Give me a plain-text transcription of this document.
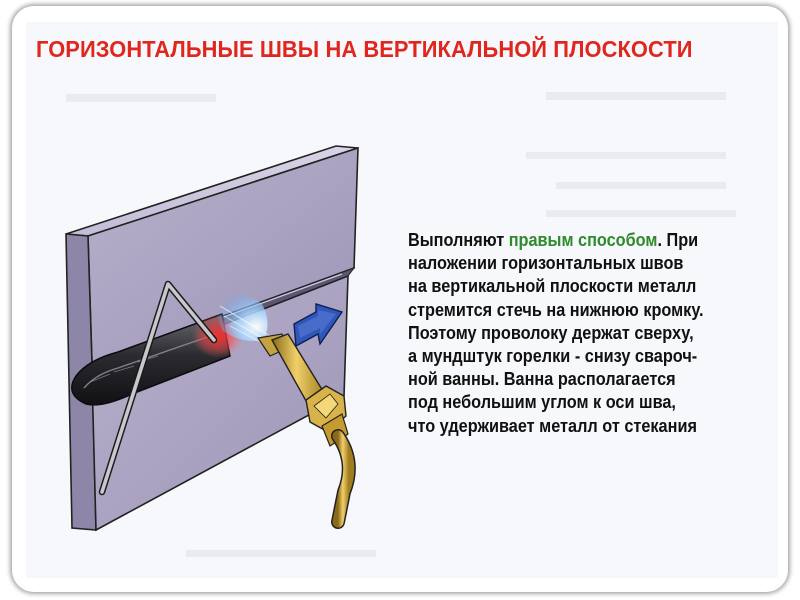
ГОРИЗОНТАЛЬНЫЕ ШВЫ НА ВЕРТИКАЛЬНОЙ ПЛОСКОСТИ
Выполняют правым способом. При
наложении горизонтальных швов
на вертикальной плоскости металл
стремится стечь на нижнюю кромку.
Поэтому проволоку держат сверху,
а мундштук горелки - снизу свароч-
ной ванны. Ванна располагается
под небольшим углом к оси шва,
что удерживает металл от стекания
